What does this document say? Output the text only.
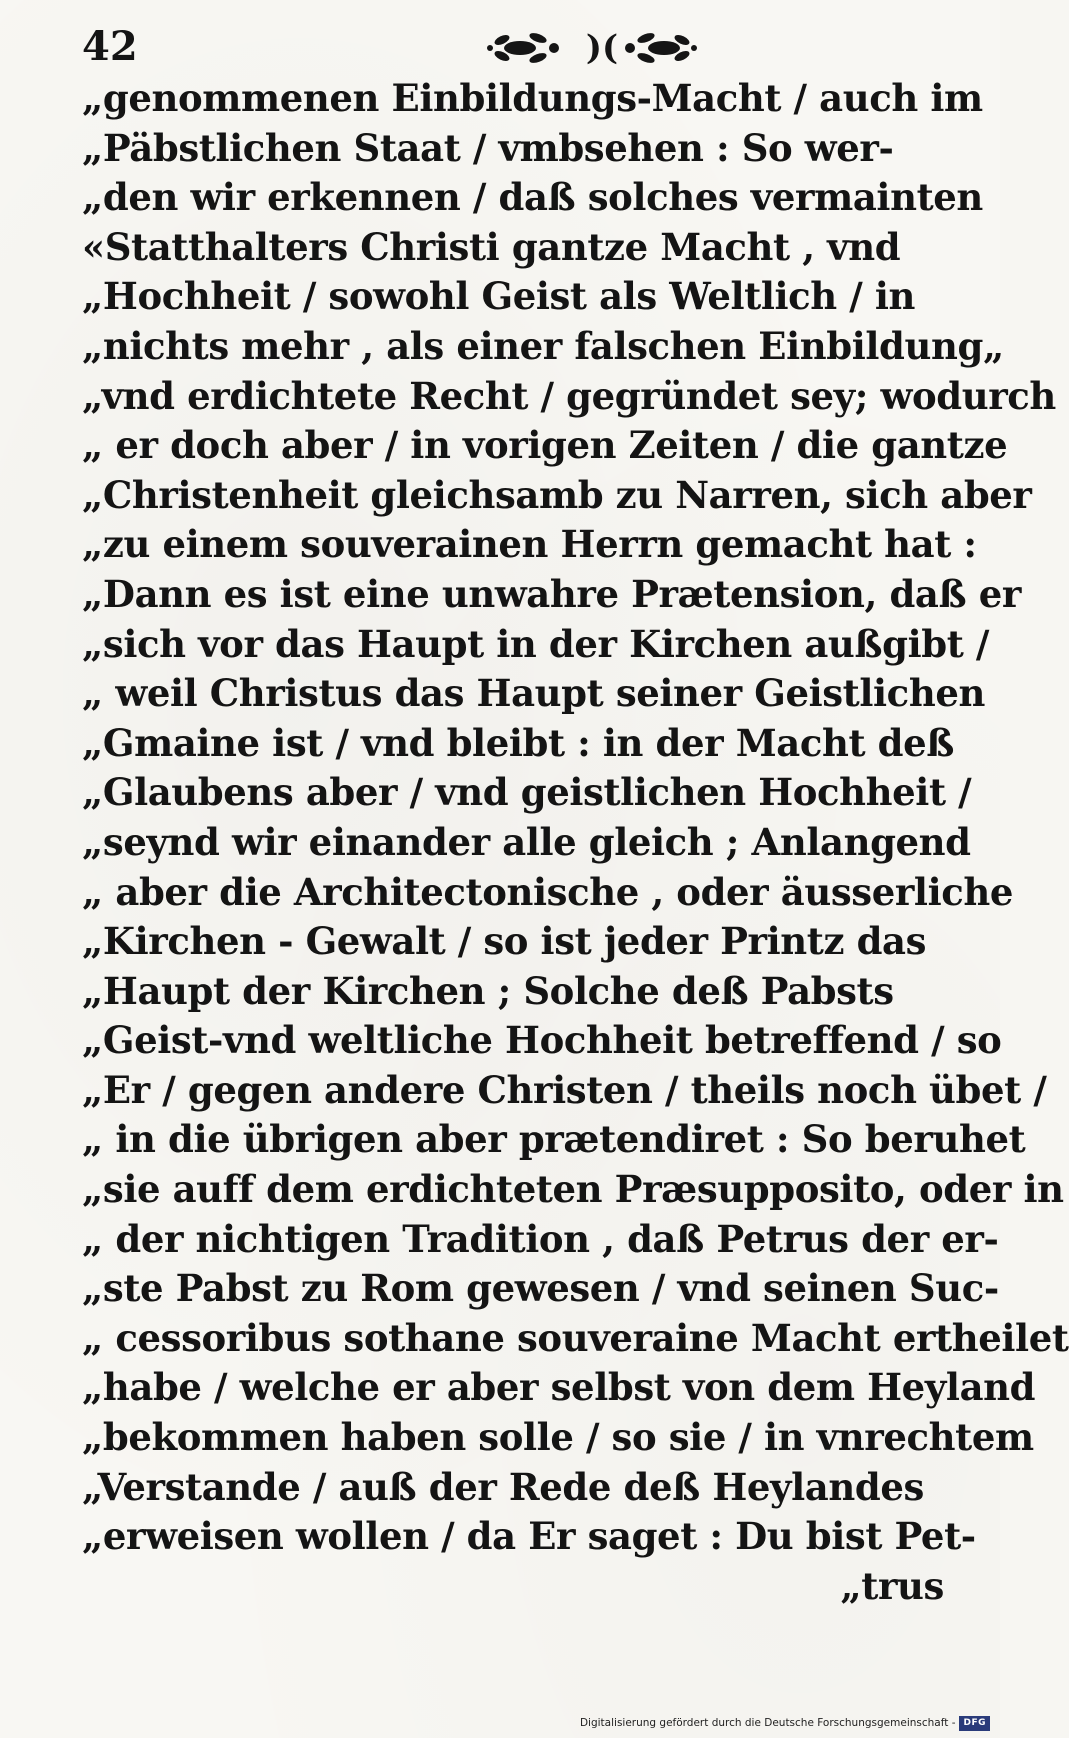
42	)(
„genommenen Einbildungs-Macht / auch im
„Päbstlichen Staat / vmbsehen : So wer-
„den wir erkennen / daß solches vermainten
«Statthalters Christi gantze Macht , vnd
„Hochheit / sowohl Geist als Weltlich / in
„nichts mehr , als einer falschen Einbildung„
„vnd erdichtete Recht / gegründet sey; wodurch
„ er doch aber / in vorigen Zeiten / die gantze
„Christenheit gleichsamb zu Narren, sich aber
„zu einem souverainen Herrn gemacht hat :
„Dann es ist eine unwahre Prætension, daß er
„sich vor das Haupt in der Kirchen außgibt /
„ weil Christus das Haupt seiner Geistlichen
„Gmaine ist / vnd bleibt : in der Macht deß
„Glaubens aber / vnd geistlichen Hochheit /
„seynd wir einander alle gleich ; Anlangend
„ aber die Architectonische , oder äusserliche
„Kirchen - Gewalt / so ist jeder Printz das
„Haupt der Kirchen ; Solche deß Pabsts
„Geist-vnd weltliche Hochheit betreffend / so
„Er / gegen andere Christen / theils noch übet /
„ in die übrigen aber prætendiret : So beruhet
„sie auff dem erdichteten Præsupposito, oder in
„ der nichtigen Tradition , daß Petrus der er-
„ste Pabst zu Rom gewesen / vnd seinen Suc-
„ cessoribus sothane souveraine Macht ertheilet
„habe / welche er aber selbst von dem Heyland
„bekommen haben solle / so sie / in vnrechtem
„Verstande / auß der Rede deß Heylandes
„erweisen wollen / da Er saget : Du bist Pet-
„trus
Digitalisierung gefördert durch die Deutsche Forschungsgemeinschaft - DFG
